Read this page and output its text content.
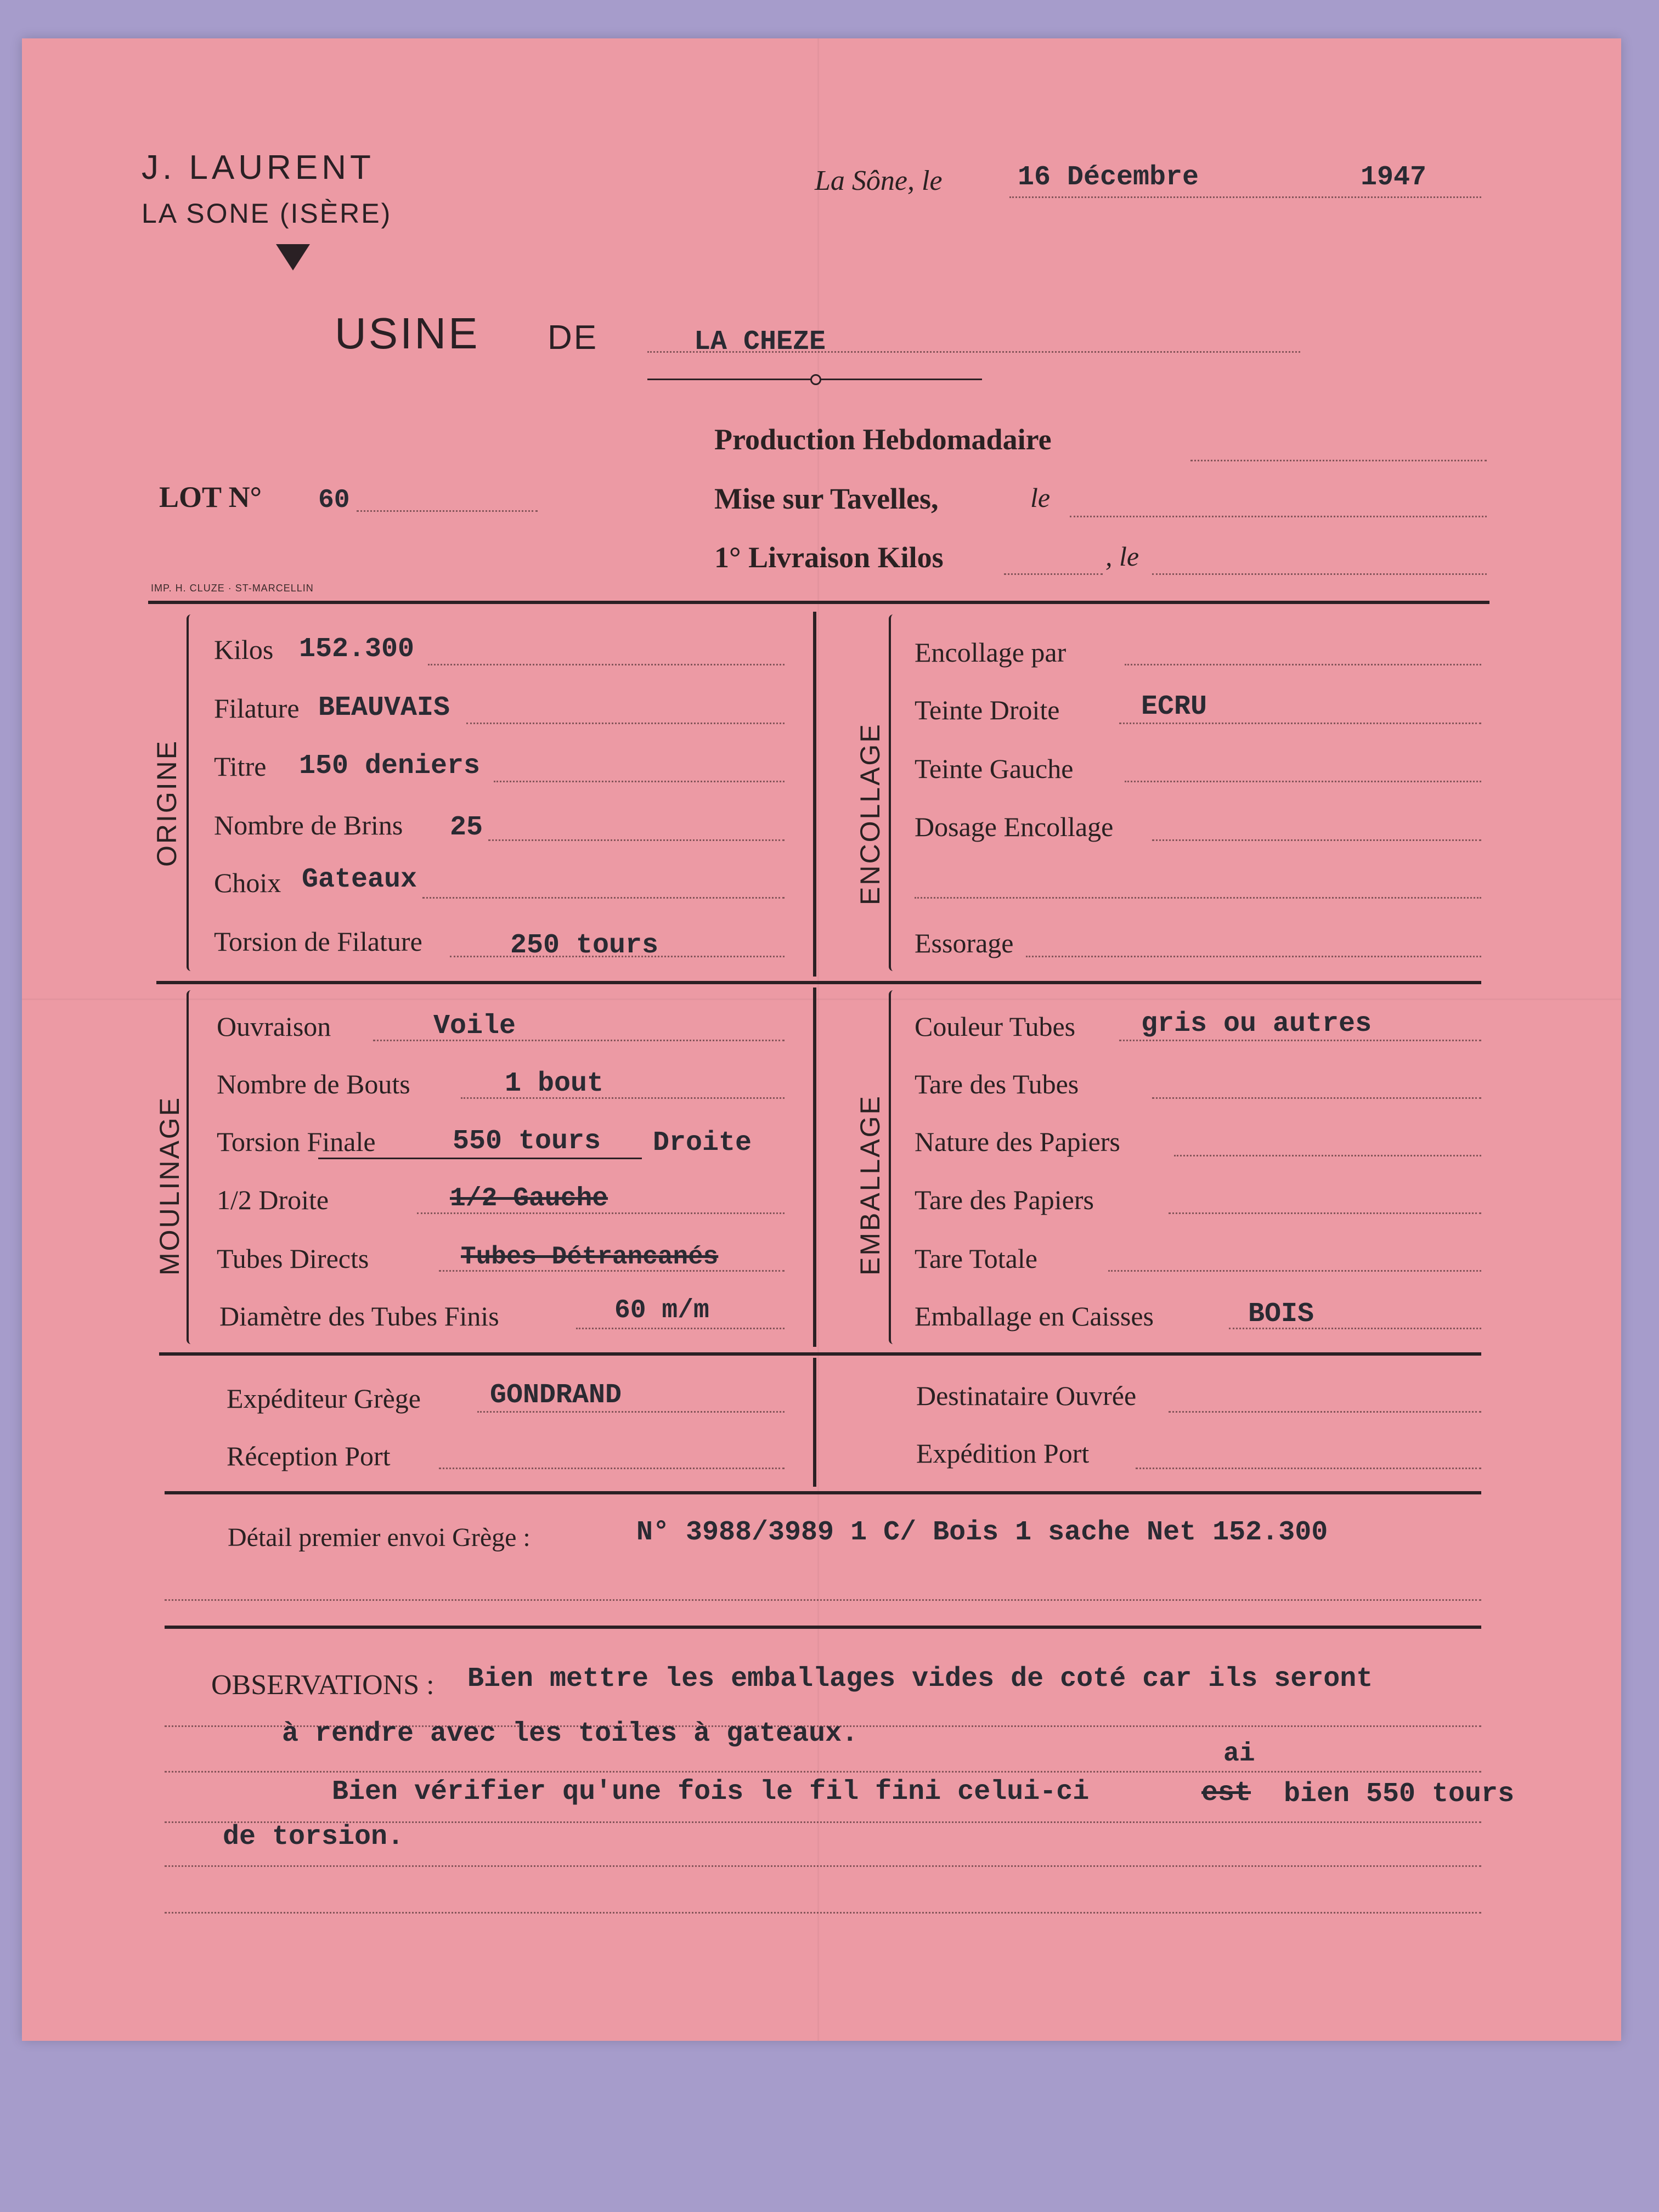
J. LAURENT
LA SONE (ISÈRE)
La Sône, le	16 Décembre	1947
USINE DE	LA CHEZE
Production Hebdomadaire
Mise sur Tavelles,	le
1° Livraison Kilos	, le
LOT N° 60
IMP. H. CLUZE · ST-MARCELLIN
ORIGINE
Kilos 152.300
Filature BEAUVAIS
Titre 150 deniers
Nombre de Brins 25
Choix Gateaux
Torsion de Filature	250 tours
ENCOLLAGE
Encollage par
Teinte Droite	ECRU
Teinte Gauche
Dosage Encollage
Essorage
MOULINAGE
Ouvraison	Voile
Nombre de Bouts	1 bout
Torsion Finale	550 tours Droite
1/2 Droite	1/2 Gauche
Tubes Directs	Tubes Détrancanés
Diamètre des Tubes Finis	60 m/m
EMBALLAGE
Couleur Tubes gris ou autres
Tare des Tubes
Nature des Papiers
Tare des Papiers
Tare Totale
Emballage en Caisses	BOIS
Expéditeur Grège	GONDRAND
Réception Port
Destinataire Ouvrée
Expédition Port
Détail premier envoi Grège :	N° 3988/3989 1 C/ Bois 1 sache Net 152.300
OBSERVATIONS : Bien mettre les emballages vides de coté car ils seront
à rendre avec les toiles à gateaux.
Bien vérifier qu'une fois le fil fini celui-ci
ai
est bien 550 tours
de torsion.
